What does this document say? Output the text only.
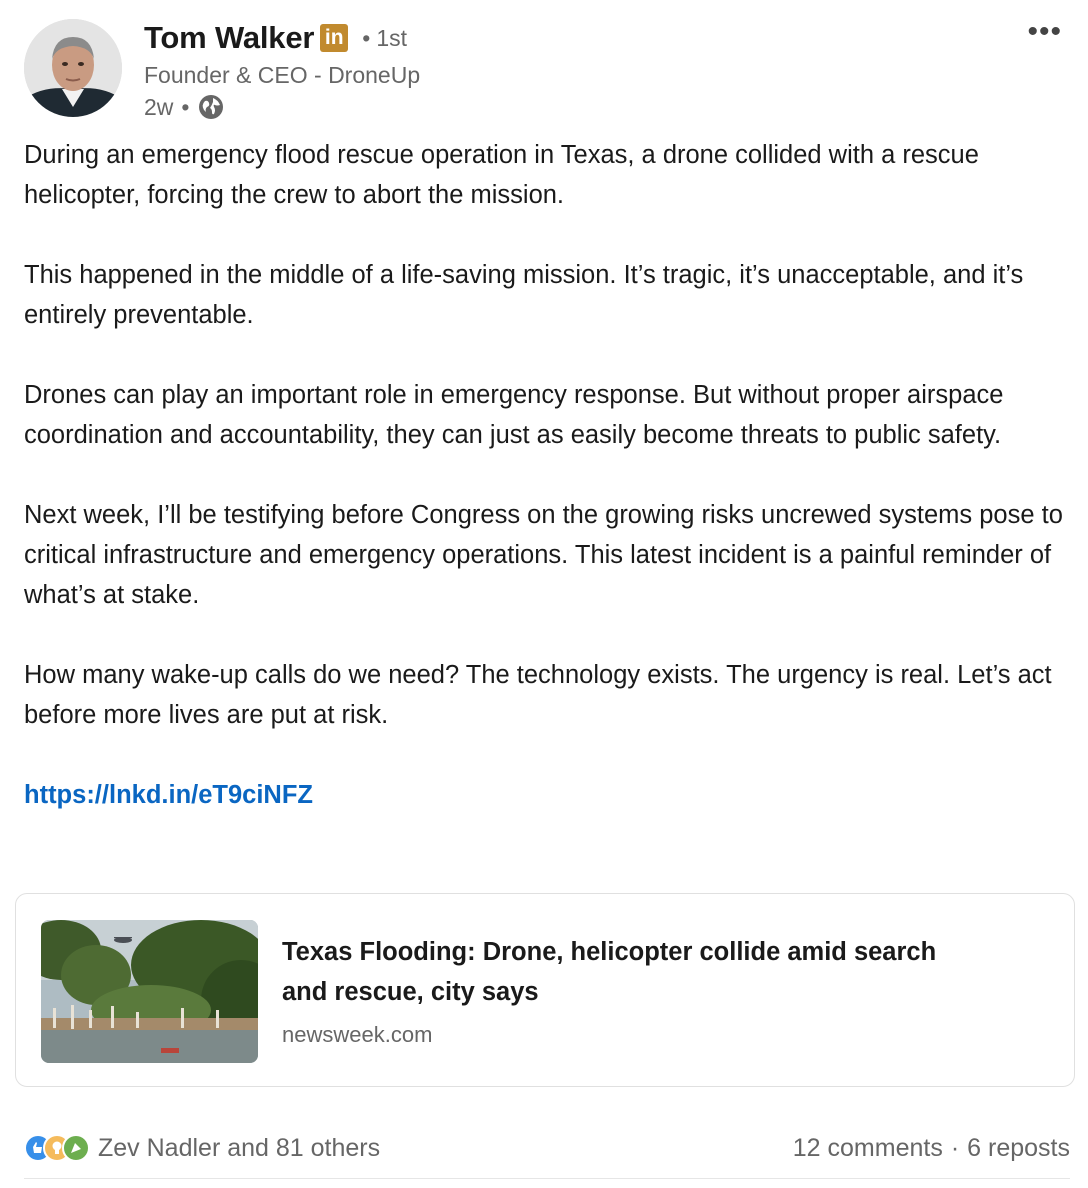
Tom Walker in • 1st
Founder & CEO - DroneUp
2w •
•••

During an emergency flood rescue operation in Texas, a drone collided with a rescue helicopter, forcing the crew to abort the mission.

This happened in the middle of a life-saving mission. It’s tragic, it’s unacceptable, and it’s entirely preventable.

Drones can play an important role in emergency response. But without proper airspace coordination and accountability, they can just as easily become threats to public safety.

Next week, I’ll be testifying before Congress on the growing risks uncrewed systems pose to critical infrastructure and emergency operations. This latest incident is a painful reminder of what’s at stake.

How many wake-up calls do we need? The technology exists. The urgency is real. Let’s act before more lives are put at risk.

https://lnkd.in/eT9ciNFZ

Texas Flooding: Drone, helicopter collide amid search and rescue, city says
newsweek.com
Zev Nadler and 81 others	12 comments · 6 reposts
